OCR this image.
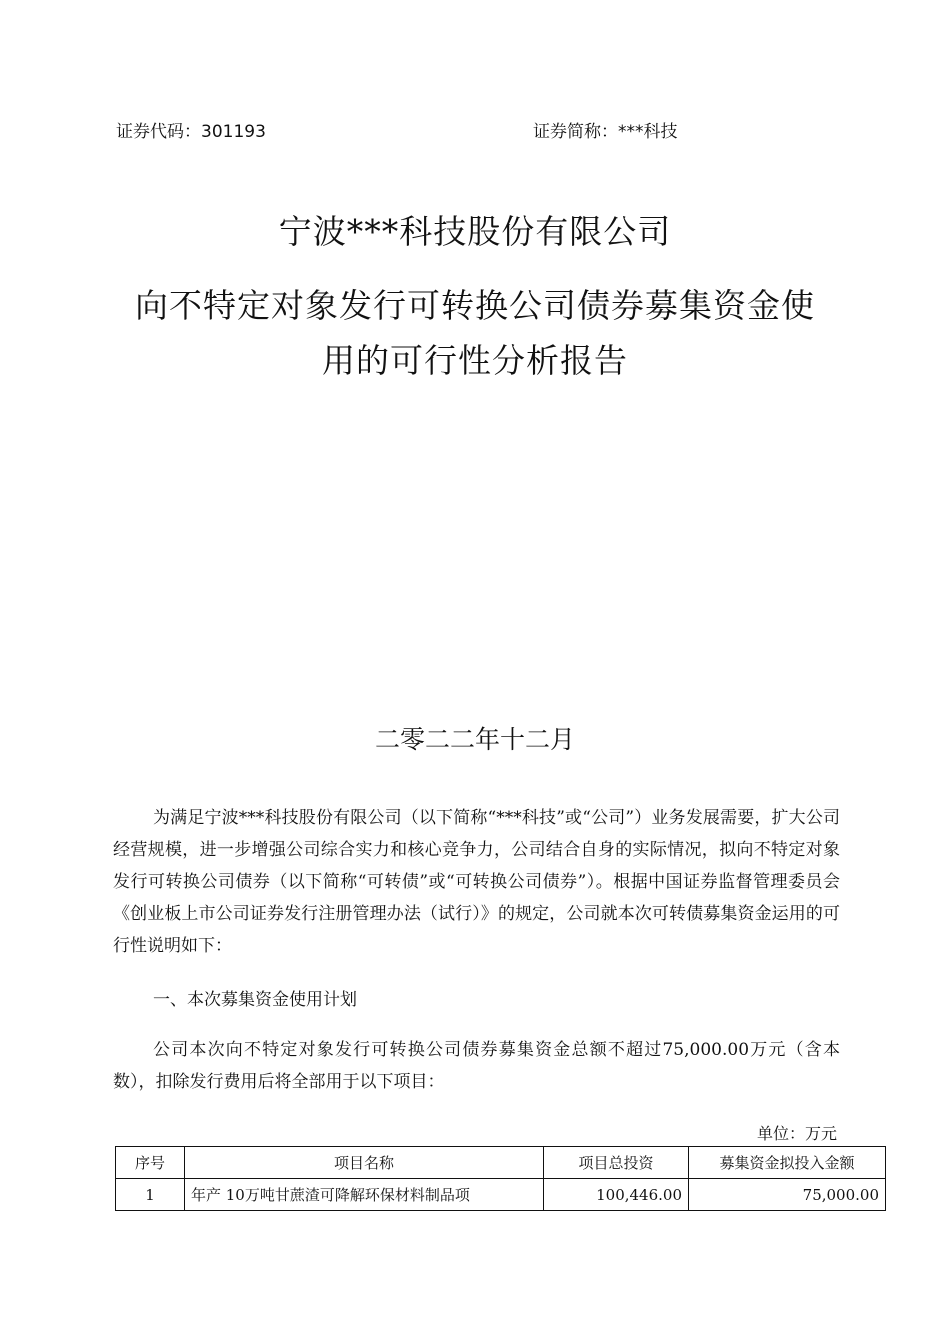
证券代码：301193	证券简称：***科技
宁波***科技股份有限公司
向不特定对象发行可转换公司债券募集资金使
用的可行性分析报告
二零二二年十二月

为满足宁波***科技股份有限公司（以下简称“***科技”或“公司”）业务发展需要，扩大公司经营规模，进一步增强公司综合实力和核心竞争力，公司结合自身的实际情况，拟向不特定对象发行可转换公司债券（以下简称“可转债”或“可转换公司债券”）。根据中国证券监督管理委员会《创业板上市公司证券发行注册管理办法（试行）》的规定，公司就本次可转债募集资金运用的可行性说明如下：

一、本次募集资金使用计划

公司本次向不特定对象发行可转换公司债券募集资金总额不超过75,000.00万元（含本数），扣除发行费用后将全部用于以下项目：

单位：万元
序号	项目名称	项目总投资	募集资金拟投入金额
1	年产 10万吨甘蔗渣可降解环保材料制品项	100,446.00	75,000.00
